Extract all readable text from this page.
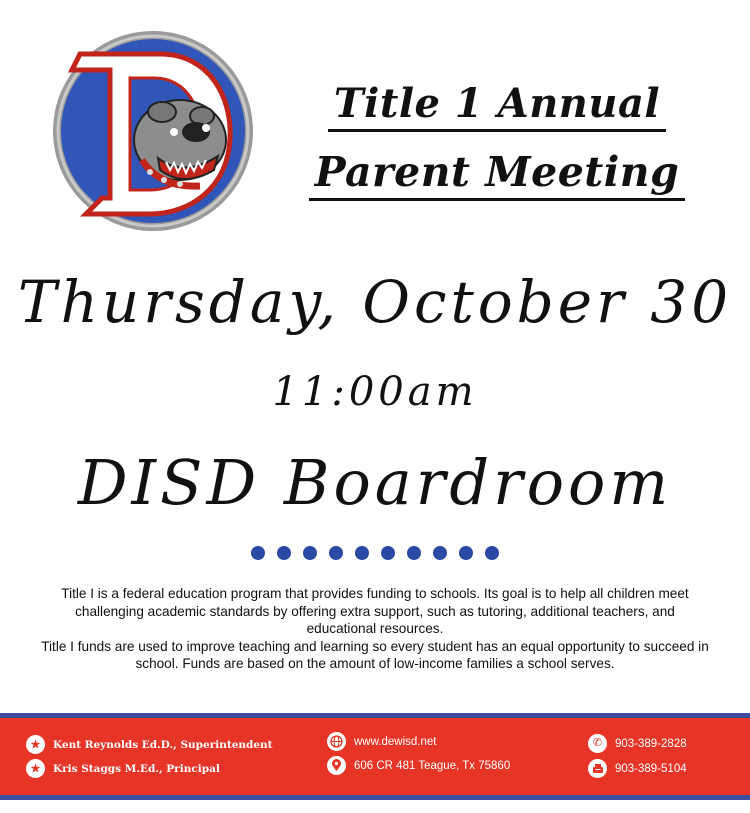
Title 1 Annual
Parent Meeting
Thursday, October 30
11:00am
DISD Boardroom

Title I is a federal education program that provides funding to schools. Its goal is to help all children meet challenging academic standards by offering extra support, such as tutoring, additional teachers, and educational resources.

Title I funds are used to improve teaching and learning so every student has an equal opportunity to succeed in school. Funds are based on the amount of low-income families a school serves.

★	Kent Reynolds Ed.D., Superintendent
★	Kris Staggs M.Ed., Principal
www.dewisd.net
606 CR 481 Teague, Tx 75860
✆	903-389-2828
903-389-5104
